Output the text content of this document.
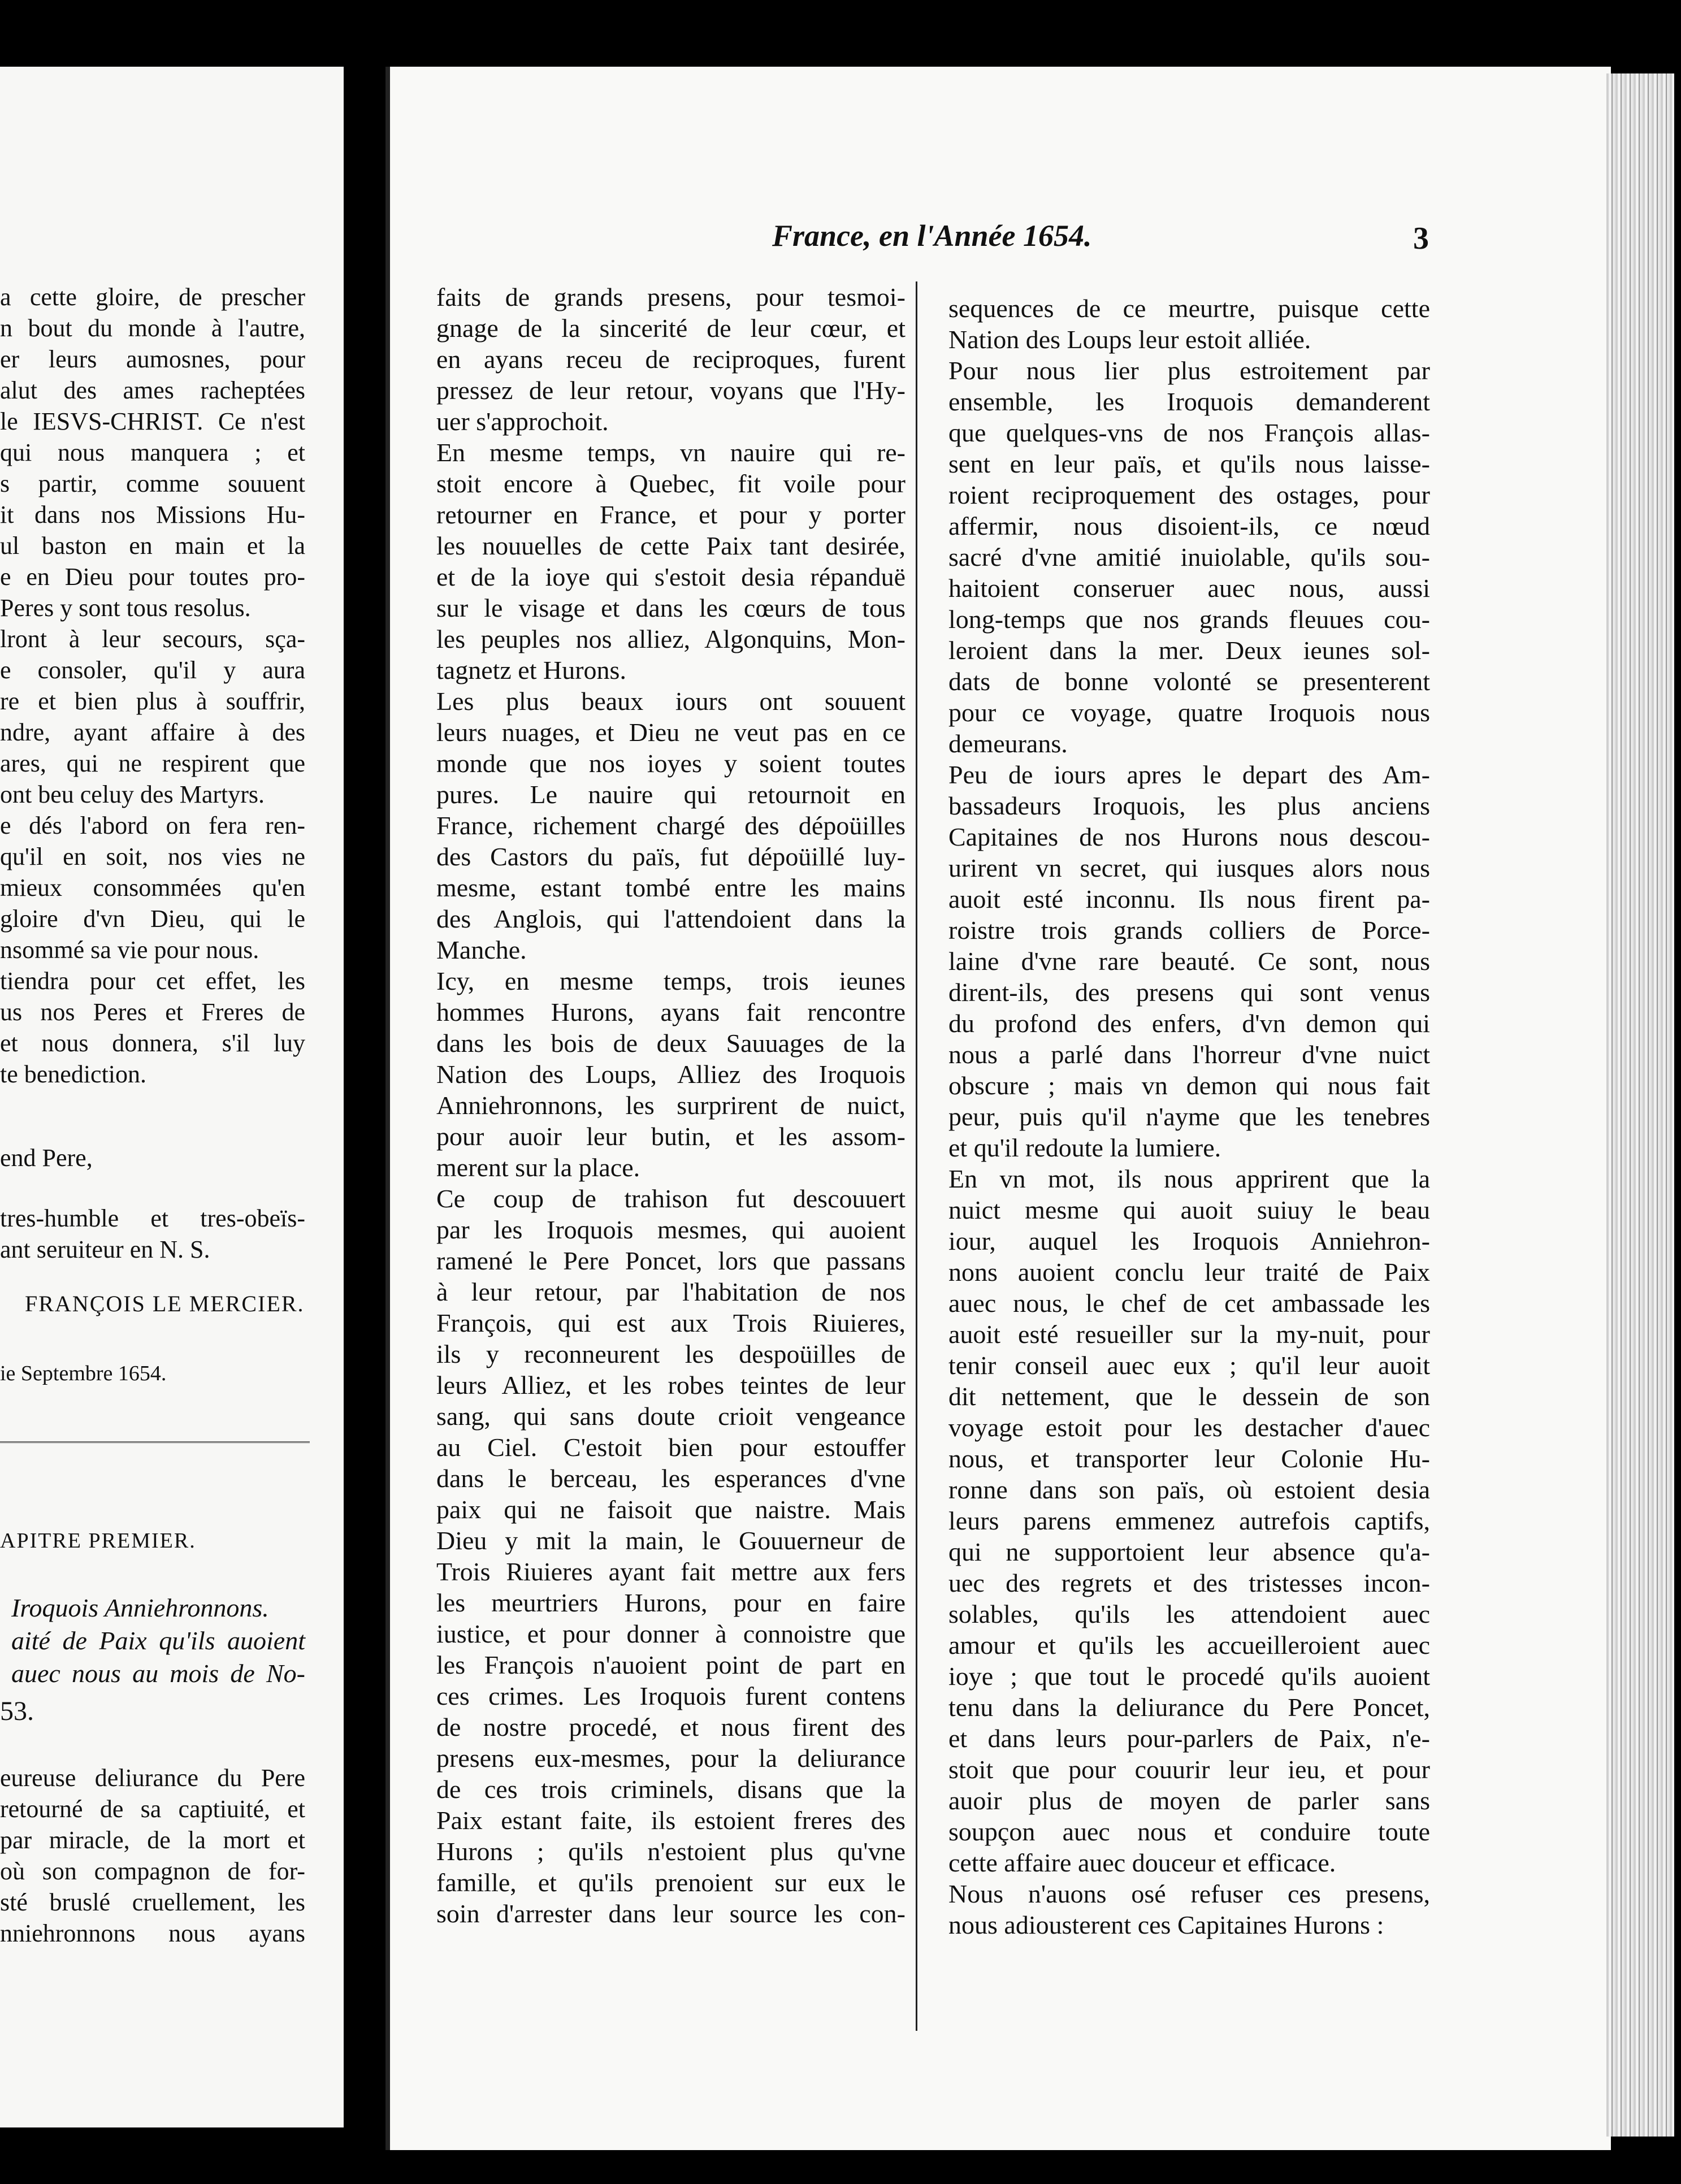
a cette gloire, de prescher
n bout du monde à l'autre,
er leurs aumosnes, pour
alut des ames racheptées
le IESVS-CHRIST. Ce n'est
qui nous manquera ; et
s partir, comme souuent
it dans nos Missions Hu-
ul baston en main et la
e en Dieu pour toutes pro-
Peres y sont tous resolus.
lront à leur secours, sça-
e consoler, qu'il y aura
re et bien plus à souffrir,
ndre, ayant affaire à des
ares, qui ne respirent que
ont beu celuy des Martyrs.
e dés l'abord on fera ren-
qu'il en soit, nos vies ne
mieux consommées qu'en
gloire d'vn Dieu, qui le
nsommé sa vie pour nous.
tiendra pour cet effet, les
us nos Peres et Freres de
et nous donnera, s'il luy
te benediction.
end Pere,
tres-humble et tres-obeïs-
ant seruiteur en N. S.
FRANÇOIS LE MERCIER.
ie Septembre 1654.
APITRE PREMIER.
Iroquois Anniehronnons.
aité de Paix qu'ils auoient
auec nous au mois de No-
53.
eureuse deliurance du Pere
retourné de sa captiuité, et
par miracle, de la mort et
où son compagnon de for-
sté bruslé cruellement, les
nniehronnons nous ayans
France, en l'Année 1654.	3
faits de grands presens, pour tesmoi-
gnage de la sincerité de leur cœur, et
en ayans receu de reciproques, furent
pressez de leur retour, voyans que l'Hy-
uer s'approchoit.
En mesme temps, vn nauire qui re-
stoit encore à Quebec, fit voile pour
retourner en France, et pour y porter
les nouuelles de cette Paix tant desirée,
et de la ioye qui s'estoit desia répanduë
sur le visage et dans les cœurs de tous
les peuples nos alliez, Algonquins, Mon-
tagnetz et Hurons.
Les plus beaux iours ont souuent
leurs nuages, et Dieu ne veut pas en ce
monde que nos ioyes y soient toutes
pures. Le nauire qui retournoit en
France, richement chargé des dépoüilles
des Castors du païs, fut dépoüillé luy-
mesme, estant tombé entre les mains
des Anglois, qui l'attendoient dans la
Manche.
Icy, en mesme temps, trois ieunes
hommes Hurons, ayans fait rencontre
dans les bois de deux Sauuages de la
Nation des Loups, Alliez des Iroquois
Anniehronnons, les surprirent de nuict,
pour auoir leur butin, et les assom-
merent sur la place.
Ce coup de trahison fut descouuert
par les Iroquois mesmes, qui auoient
ramené le Pere Poncet, lors que passans
à leur retour, par l'habitation de nos
François, qui est aux Trois Riuieres,
ils y reconneurent les despoüilles de
leurs Alliez, et les robes teintes de leur
sang, qui sans doute crioit vengeance
au Ciel. C'estoit bien pour estouffer
dans le berceau, les esperances d'vne
paix qui ne faisoit que naistre. Mais
Dieu y mit la main, le Gouuerneur de
Trois Riuieres ayant fait mettre aux fers
les meurtriers Hurons, pour en faire
iustice, et pour donner à connoistre que
les François n'auoient point de part en
ces crimes. Les Iroquois furent contens
de nostre procedé, et nous firent des
presens eux-mesmes, pour la deliurance
de ces trois criminels, disans que la
Paix estant faite, ils estoient freres des
Hurons ; qu'ils n'estoient plus qu'vne
famille, et qu'ils prenoient sur eux le
soin d'arrester dans leur source les con-
sequences de ce meurtre, puisque cette
Nation des Loups leur estoit alliée.
Pour nous lier plus estroitement par
ensemble, les Iroquois demanderent
que quelques-vns de nos François allas-
sent en leur païs, et qu'ils nous laisse-
roient reciproquement des ostages, pour
affermir, nous disoient-ils, ce nœud
sacré d'vne amitié inuiolable, qu'ils sou-
haitoient conseruer auec nous, aussi
long-temps que nos grands fleuues cou-
leroient dans la mer. Deux ieunes sol-
dats de bonne volonté se presenterent
pour ce voyage, quatre Iroquois nous
demeurans.
Peu de iours apres le depart des Am-
bassadeurs Iroquois, les plus anciens
Capitaines de nos Hurons nous descou-
urirent vn secret, qui iusques alors nous
auoit esté inconnu. Ils nous firent pa-
roistre trois grands colliers de Porce-
laine d'vne rare beauté. Ce sont, nous
dirent-ils, des presens qui sont venus
du profond des enfers, d'vn demon qui
nous a parlé dans l'horreur d'vne nuict
obscure ; mais vn demon qui nous fait
peur, puis qu'il n'ayme que les tenebres
et qu'il redoute la lumiere.
En vn mot, ils nous apprirent que la
nuict mesme qui auoit suiuy le beau
iour, auquel les Iroquois Anniehron-
nons auoient conclu leur traité de Paix
auec nous, le chef de cet ambassade les
auoit esté resueiller sur la my-nuit, pour
tenir conseil auec eux ; qu'il leur auoit
dit nettement, que le dessein de son
voyage estoit pour les destacher d'auec
nous, et transporter leur Colonie Hu-
ronne dans son païs, où estoient desia
leurs parens emmenez autrefois captifs,
qui ne supportoient leur absence qu'a-
uec des regrets et des tristesses incon-
solables, qu'ils les attendoient auec
amour et qu'ils les accueilleroient auec
ioye ; que tout le procedé qu'ils auoient
tenu dans la deliurance du Pere Poncet,
et dans leurs pour-parlers de Paix, n'e-
stoit que pour couurir leur ieu, et pour
auoir plus de moyen de parler sans
soupçon auec nous et conduire toute
cette affaire auec douceur et efficace.
Nous n'auons osé refuser ces presens,
nous adiousterent ces Capitaines Hurons :
